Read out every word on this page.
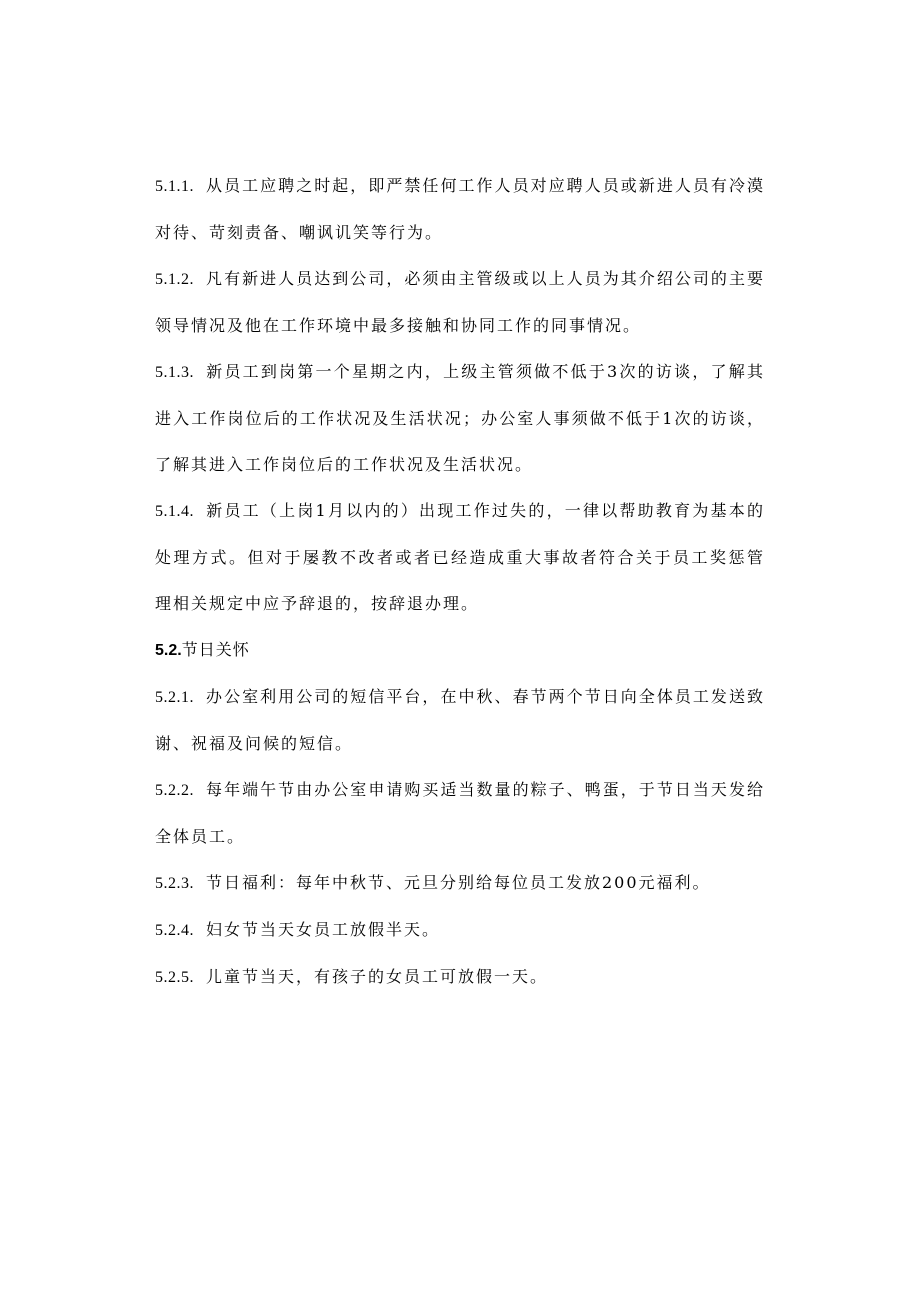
5.1.1. 从员工应聘之时起，即严禁任何工作人员对应聘人员或新进人员有冷漠对待、苛刻责备、嘲讽讥笑等行为。

5.1.2. 凡有新进人员达到公司，必须由主管级或以上人员为其介绍公司的主要领导情况及他在工作环境中最多接触和协同工作的同事情况。

5.1.3. 新员工到岗第一个星期之内，上级主管须做不低于3次的访谈，了解其进入工作岗位后的工作状况及生活状况；办公室人事须做不低于1次的访谈，了解其进入工作岗位后的工作状况及生活状况。

5.1.4. 新员工（上岗1月以内的）出现工作过失的，一律以帮助教育为基本的处理方式。但对于屡教不改者或者已经造成重大事故者符合关于员工奖惩管理相关规定中应予辞退的，按辞退办理。

5.2.节日关怀

5.2.1. 办公室利用公司的短信平台，在中秋、春节两个节日向全体员工发送致谢、祝福及问候的短信。

5.2.2. 每年端午节由办公室申请购买适当数量的粽子、鸭蛋，于节日当天发给全体员工。

5.2.3. 节日福利：每年中秋节、元旦分别给每位员工发放200元福利。

5.2.4. 妇女节当天女员工放假半天。

5.2.5. 儿童节当天，有孩子的女员工可放假一天。
